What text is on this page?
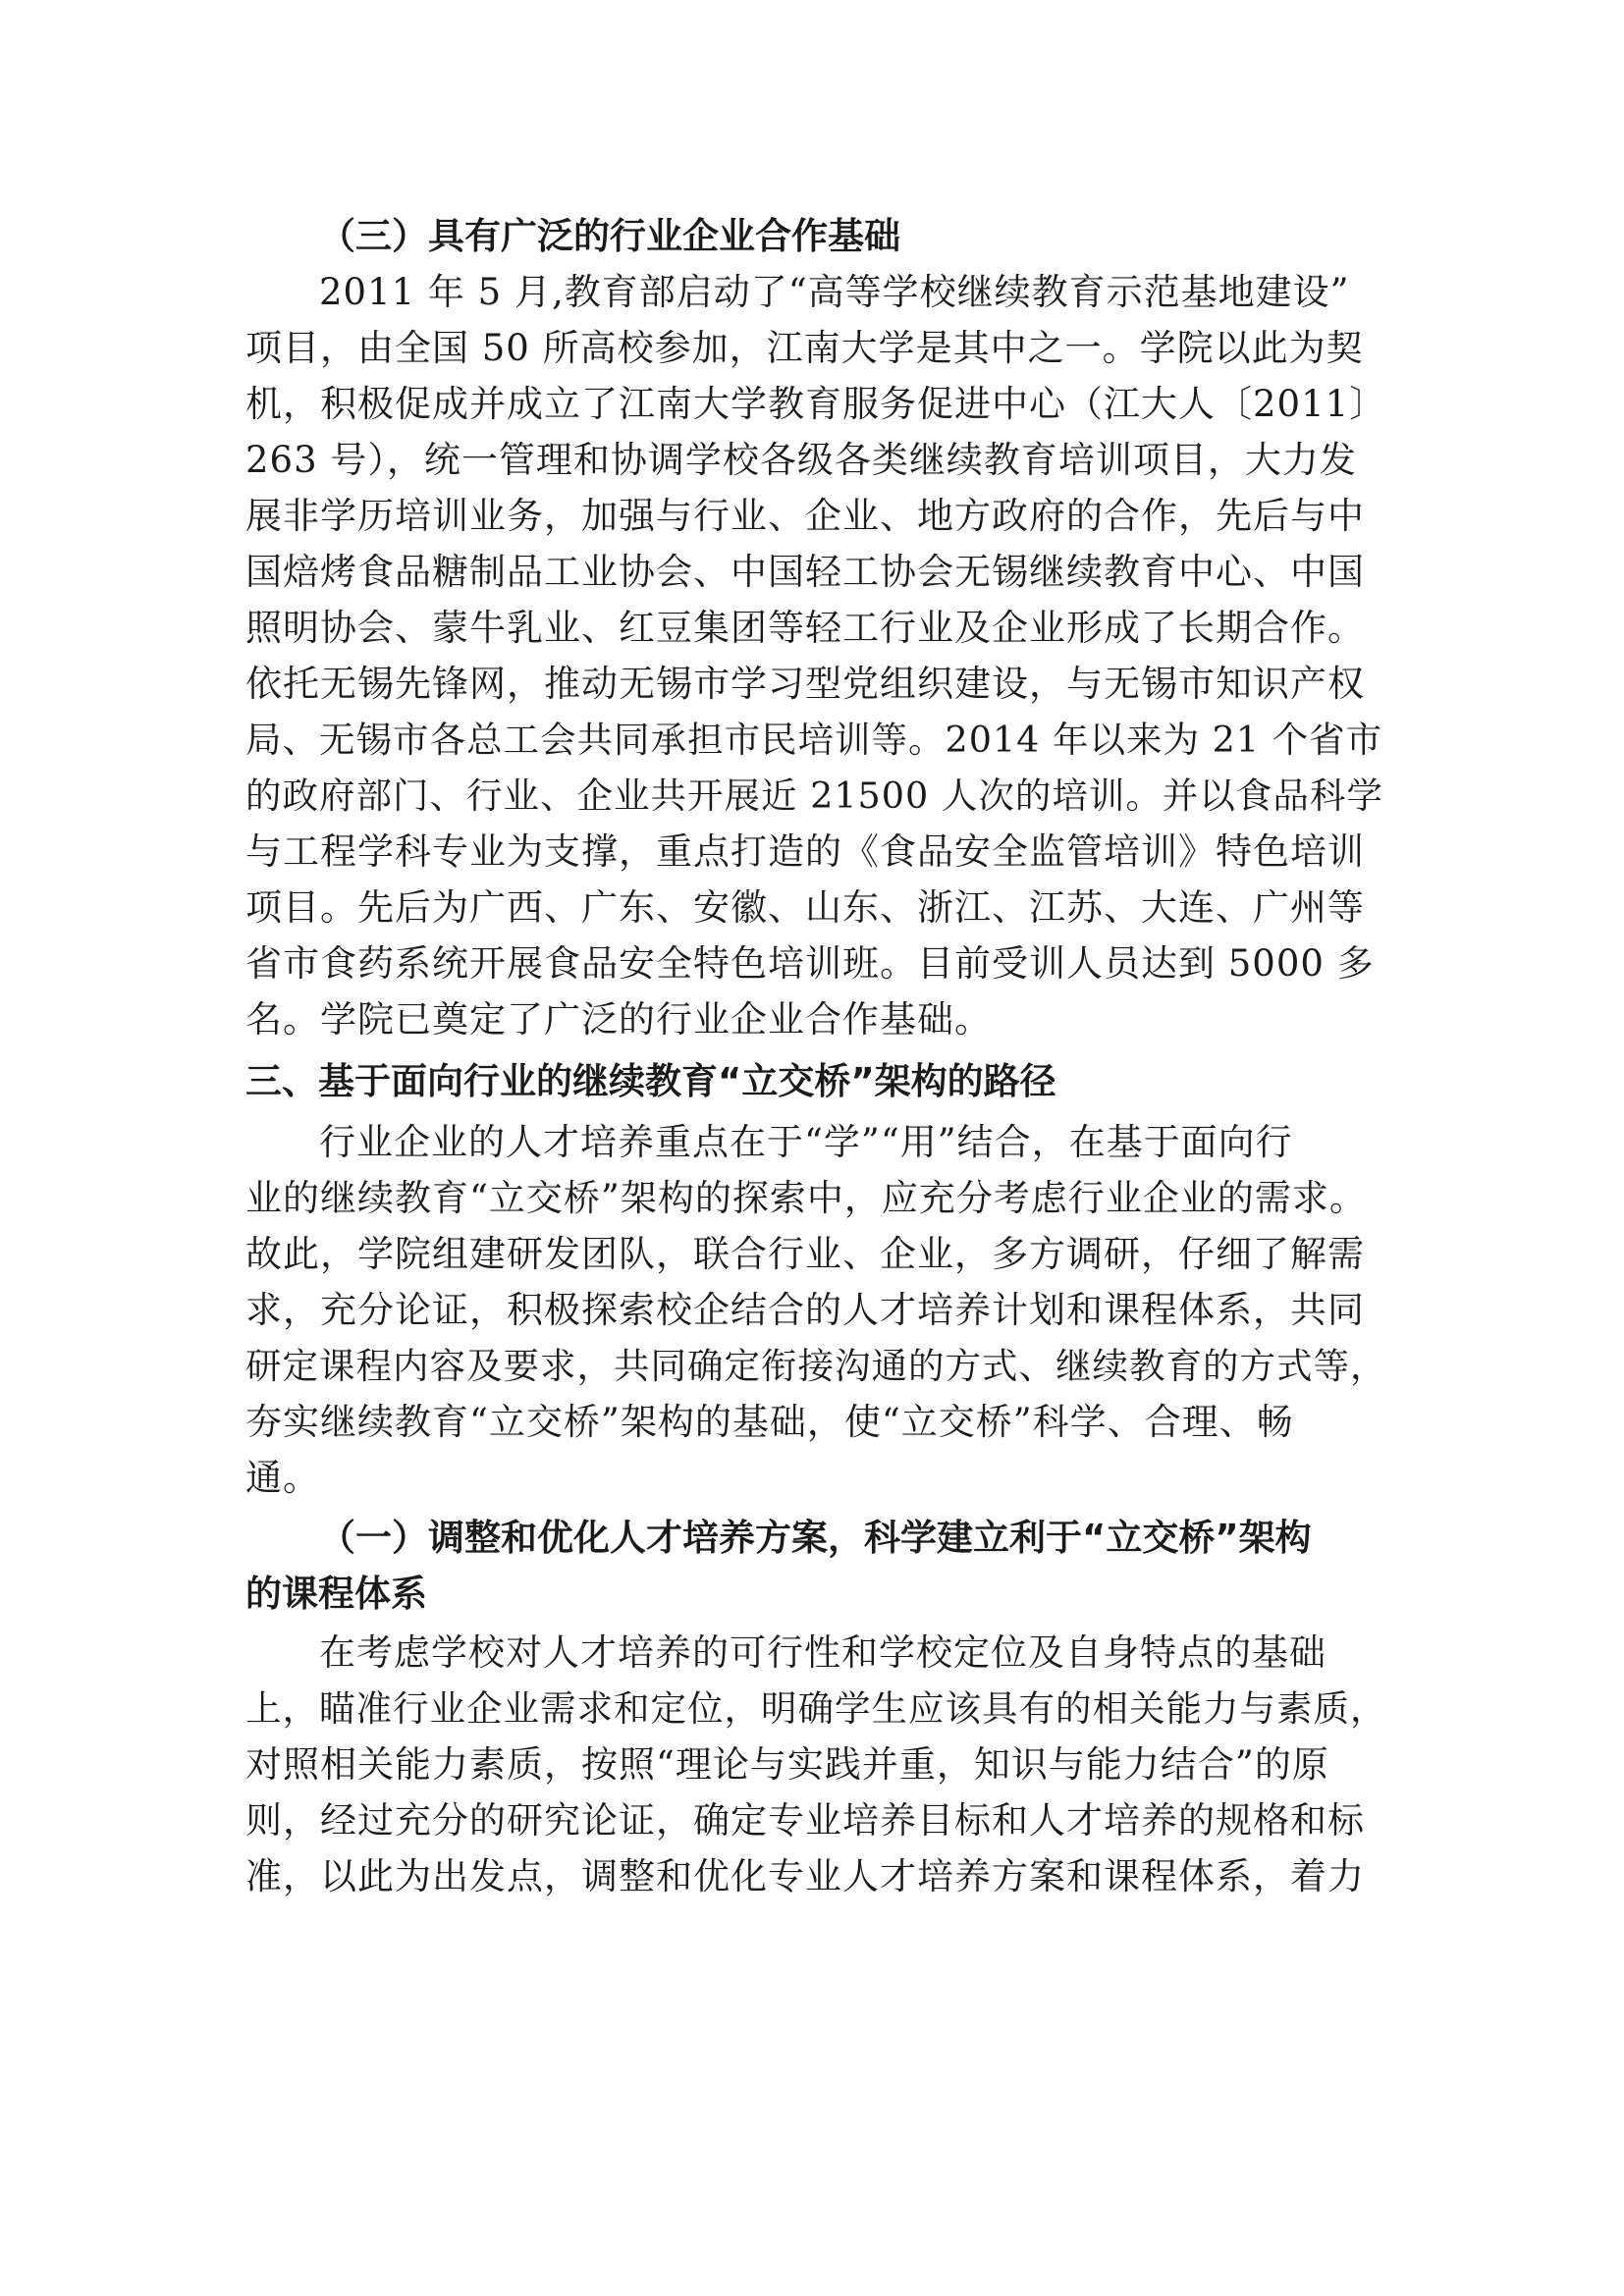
（三）具有广泛的行业企业合作基础
2011 年 5 月,教育部启动了“高等学校继续教育示范基地建设”
项目，由全国 50 所高校参加，江南大学是其中之一。学院以此为契
机，积极促成并成立了江南大学教育服务促进中心（江大人〔2011〕
263 号），统一管理和协调学校各级各类继续教育培训项目，大力发
展非学历培训业务，加强与行业、企业、地方政府的合作，先后与中
国焙烤食品糖制品工业协会、中国轻工协会无锡继续教育中心、中国
照明协会、蒙牛乳业、红豆集团等轻工行业及企业形成了长期合作。
依托无锡先锋网，推动无锡市学习型党组织建设，与无锡市知识产权
局、无锡市各总工会共同承担市民培训等。2014 年以来为 21 个省市
的政府部门、行业、企业共开展近 21500 人次的培训。并以食品科学
与工程学科专业为支撑，重点打造的《食品安全监管培训》特色培训
项目。先后为广西、广东、安徽、山东、浙江、江苏、大连、广州等
省市食药系统开展食品安全特色培训班。目前受训人员达到 5000 多
名。学院已奠定了广泛的行业企业合作基础。
三、基于面向行业的继续教育“立交桥”架构的路径
行业企业的人才培养重点在于“学”“用”结合，在基于面向行
业的继续教育“立交桥”架构的探索中，应充分考虑行业企业的需求。
故此，学院组建研发团队，联合行业、企业，多方调研，仔细了解需
求，充分论证，积极探索校企结合的人才培养计划和课程体系，共同
研定课程内容及要求，共同确定衔接沟通的方式、继续教育的方式等，
夯实继续教育“立交桥”架构的基础，使“立交桥”科学、合理、畅
通。
（一）调整和优化人才培养方案，科学建立利于“立交桥”架构
的课程体系
在考虑学校对人才培养的可行性和学校定位及自身特点的基础
上，瞄准行业企业需求和定位，明确学生应该具有的相关能力与素质，
对照相关能力素质，按照“理论与实践并重，知识与能力结合”的原
则，经过充分的研究论证，确定专业培养目标和人才培养的规格和标
准，以此为出发点，调整和优化专业人才培养方案和课程体系，着力
